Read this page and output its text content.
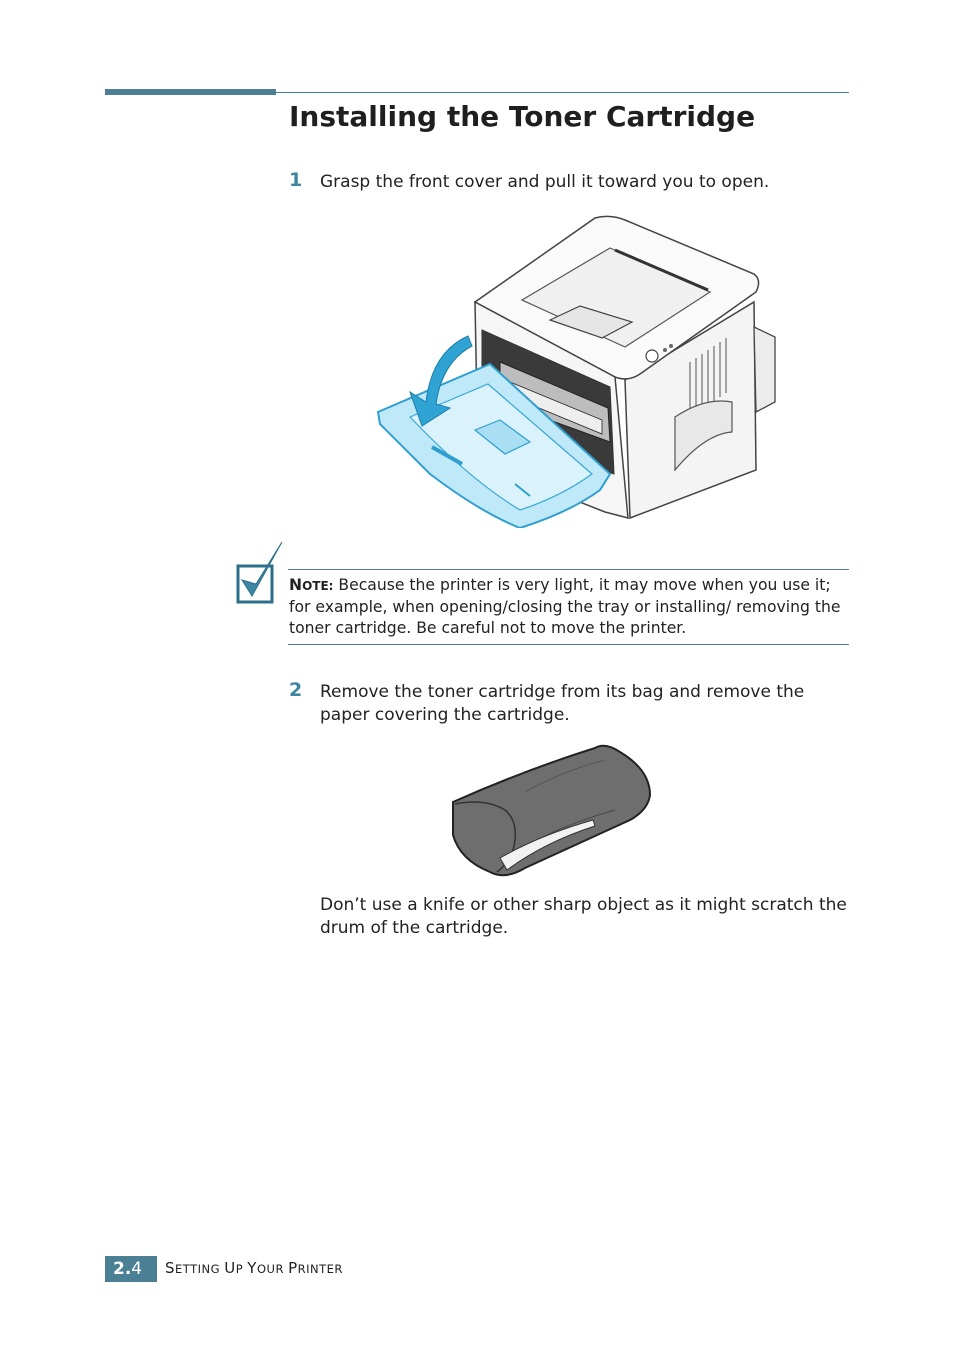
Installing the Toner Cartridge
1 Grasp the front cover and pull it toward you to open.
NOTE: Because the printer is very light, it may move when you use it; for example, when opening/closing the tray or installing/ removing the toner cartridge. Be careful not to move the printer.
2 Remove the toner cartridge from its bag and remove the paper covering the cartridge.
Don’t use a knife or other sharp object as it might scratch the drum of the cartridge.
2.4	SETTING UP YOUR PRINTER
